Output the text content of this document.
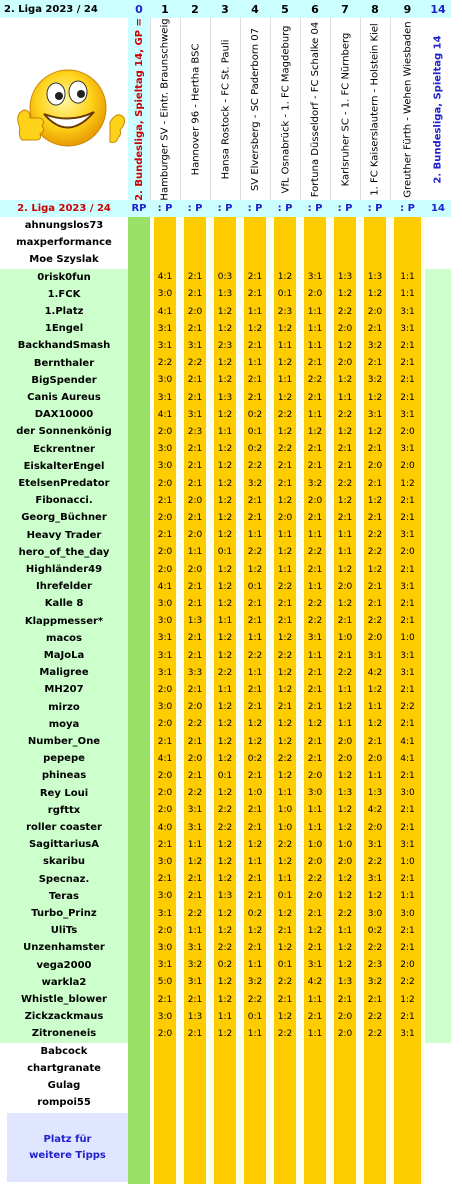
2. Liga 2023 / 24	0	1	2	3	4	5	6	7	8	9	14
2. Bundesliga, Spieltag 14, GP = Hamburger SV - Eintr. Braunschweig Hannover 96 - Hertha BSC Hansa Rostock - FC St. Pauli SV Elversberg - SC Paderborn 07 VfL Osnabrück - 1. FC Magdeburg Fortuna Düsseldorf - FC Schalke 04 Karlsruher SC - 1. FC Nürnberg 1. FC Kaiserslautern - Holstein Kiel Greuther Fürth - Wehen Wiesbaden 2. Bundesliga, Spieltag 14
2. Liga 2023 / 24	RP	: P	: P	: P	: P	: P	: P	: P	: P	: P	14
ahnungslos73
maxperformance
Moe Szyslak
0risk0fun	4:1	2:1	0:3	2:1	1:2	3:1	1:3	1:3	1:1
1.FCK	3:0	2:1	1:3	2:1	0:1	2:0	1:2	1:2	1:1
1.Platz	4:1	2:0	1:2	1:1	2:3	1:1	2:2	2:0	3:1
1Engel	3:1	2:1	1:2	1:2	1:2	1:1	2:0	2:1	3:1
BackhandSmash	3:1	3:1	2:3	2:1	1:1	1:1	1:2	3:2	2:1
Bernthaler	2:2	2:2	1:2	1:1	1:2	2:1	2:0	2:1	2:1
BigSpender	3:0	2:1	1:2	2:1	1:1	2:2	1:2	3:2	2:1
Canis Aureus	3:1	2:1	1:3	2:1	1:2	2:1	1:1	1:2	2:1
DAX10000	4:1	3:1	1:2	0:2	2:2	1:1	2:2	3:1	3:1
der Sonnenkönig	2:0	2:3	1:1	0:1	1:2	1:2	1:2	1:2	2:0
Eckrentner	3:0	2:1	1:2	0:2	2:2	2:1	2:1	2:1	3:1
EiskalterEngel	3:0	2:1	1:2	2:2	2:1	2:1	2:1	2:0	2:0
EtelsenPredator	2:0	2:1	1:2	3:2	2:1	3:2	2:2	2:1	1:2
Fibonacci.	2:1	2:0	1:2	2:1	1:2	2:0	1:2	1:2	2:1
Georg_Büchner	2:0	2:1	1:2	2:1	2:0	2:1	2:1	2:1	2:1
Heavy Trader	2:1	2:0	1:2	1:1	1:1	1:1	1:1	2:2	3:1
hero_of_the_day	2:0	1:1	0:1	2:2	1:2	2:2	1:1	2:2	2:0
Highländer49	2:0	2:0	1:2	1:2	1:1	2:1	1:2	1:2	2:1
Ihrefelder	4:1	2:1	1:2	0:1	2:2	1:1	2:0	2:1	3:1
Kalle 8	3:0	2:1	1:2	2:1	2:1	2:2	1:2	2:1	2:1
Klappmesser*	3:0	1:3	1:1	2:1	2:1	2:2	2:1	2:2	2:1
macos	3:1	2:1	1:2	1:1	1:2	3:1	1:0	2:0	1:0
MaJoLa	3:1	2:1	1:2	2:2	2:2	1:1	2:1	3:1	3:1
Maligree	3:1	3:3	2:2	1:1	1:2	2:1	2:2	4:2	3:1
MH207	2:0	2:1	1:1	2:1	1:2	2:1	1:1	1:2	2:1
mirzo	3:0	2:0	1:2	2:1	2:1	2:1	1:2	1:1	2:2
moya	2:0	2:2	1:2	1:2	1:2	1:2	1:1	1:2	2:1
Number_One	2:1	2:1	1:2	1:2	1:2	2:1	2:0	2:1	4:1
pepepe	4:1	2:0	1:2	0:2	2:2	2:1	2:0	2:0	4:1
phineas	2:0	2:1	0:1	2:1	1:2	2:0	1:2	1:1	2:1
Rey Loui	2:0	2:2	1:2	1:0	1:1	3:0	1:3	1:3	3:0
rgfttx	2:0	3:1	2:2	2:1	1:0	1:1	1:2	4:2	2:1
roller coaster	4:0	3:1	2:2	2:1	1:0	1:1	1:2	2:0	2:1
SagittariusA	2:1	1:1	1:2	1:2	2:2	1:0	1:0	3:1	3:1
skaribu	3:0	1:2	1:2	1:1	1:2	2:0	2:0	2:2	1:0
Specnaz.	2:1	2:1	1:2	2:1	1:1	2:2	1:2	3:1	2:1
Teras	3:0	2:1	1:3	2:1	0:1	2:0	1:2	1:2	1:1
Turbo_Prinz	3:1	2:2	1:2	0:2	1:2	2:1	2:2	3:0	3:0
UliTs	2:0	1:1	1:2	1:2	2:1	1:2	1:1	0:2	2:1
Unzenhamster	3:0	3:1	2:2	2:1	1:2	2:1	1:2	2:2	2:1
vega2000	3:1	3:2	0:2	1:1	0:1	3:1	1:2	2:3	2:0
warkla2	5:0	3:1	1:2	3:2	2:2	4:2	1:3	3:2	2:2
Whistle_blower	2:1	2:1	1:2	2:2	2:1	1:1	2:1	2:1	1:2
Zickzackmaus	3:0	1:3	1:1	0:1	1:2	2:1	2:0	2:2	2:1
Zitroneneis	2:0	2:1	1:2	1:1	2:2	1:1	2:0	2:2	3:1
Babcock
chartgranate
Gulag
rompoi55
Platz für
weitere Tipps
